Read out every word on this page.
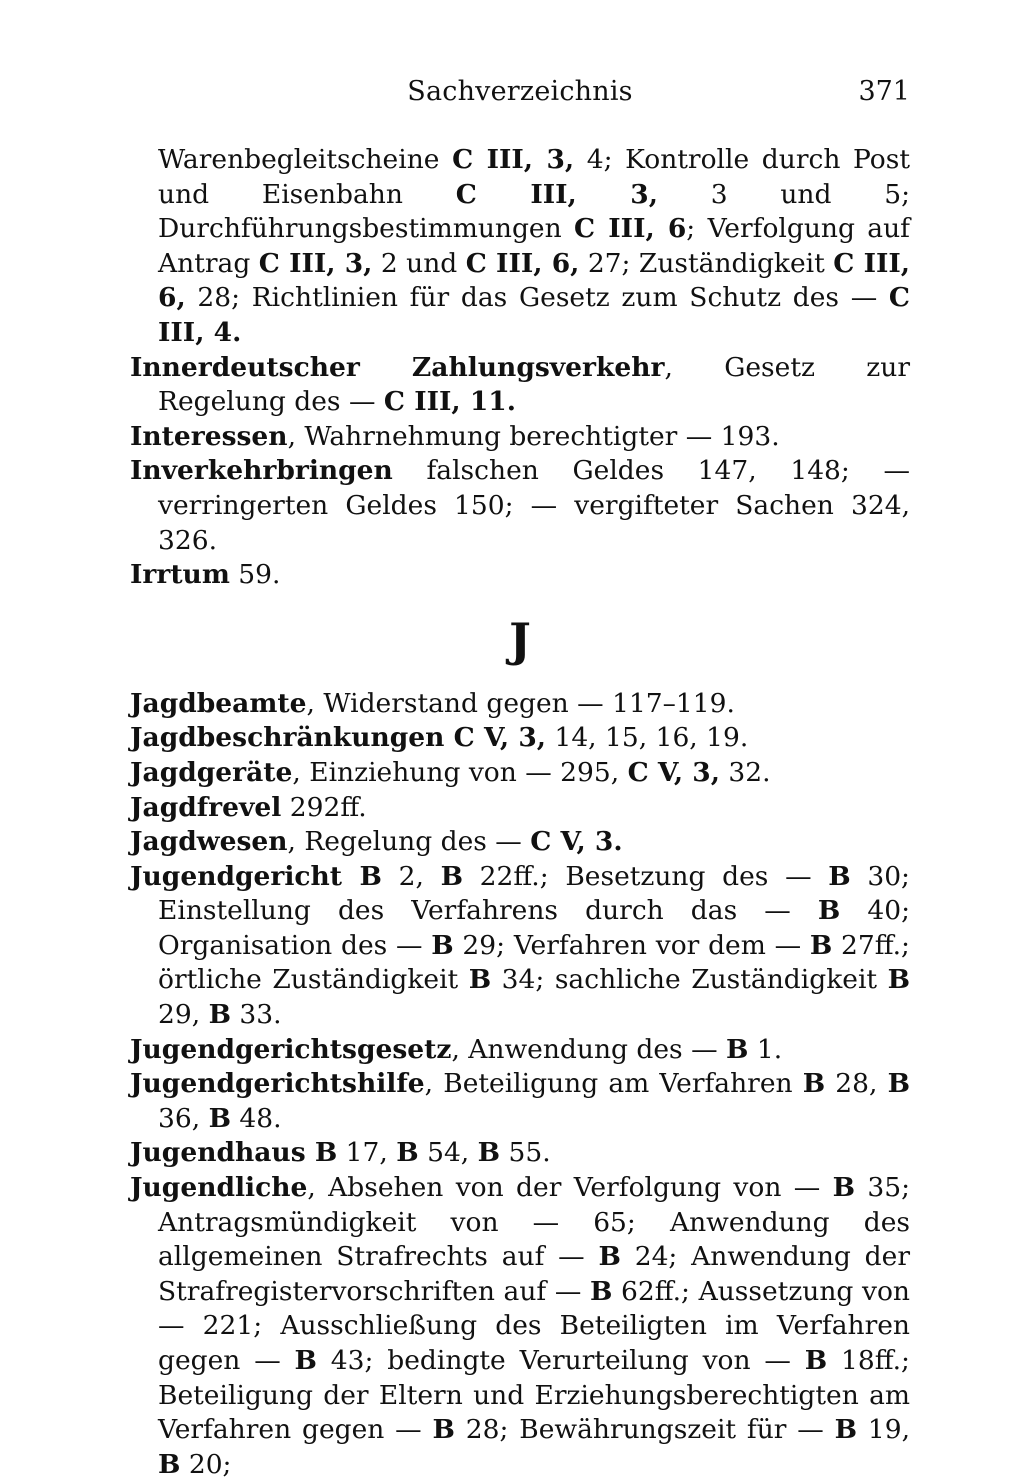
Sachverzeichnis	371

Warenbegleitscheine C III, 3, 4; Kontrolle durch Post und Eisenbahn C III, 3, 3 und 5; Durchführungsbestimmungen C III, 6; Verfolgung auf Antrag C III, 3, 2 und C III, 6, 27; Zuständigkeit C III, 6, 28; Richtlinien für das Gesetz zum Schutz des — C III, 4.

Innerdeutscher Zahlungsverkehr, Gesetz zur Regelung des — C III, 11.

Interessen, Wahrnehmung berechtigter — 193.

Inverkehrbringen falschen Geldes 147, 148; — verringerten Geldes 150; — vergifteter Sachen 324, 326.

Irrtum 59.

J

Jagdbeamte, Widerstand gegen — 117–119.

Jagdbeschränkungen C V, 3, 14, 15, 16, 19.

Jagdgeräte, Einziehung von — 295, C V, 3, 32.

Jagdfrevel 292ff.

Jagdwesen, Regelung des — C V, 3.

Jugendgericht B 2, B 22ff.; Besetzung des — B 30; Einstellung des Verfahrens durch das — B 40; Organisation des — B 29; Verfahren vor dem — B 27ff.; örtliche Zuständigkeit B 34; sachliche Zuständigkeit B 29, B 33.

Jugendgerichtsgesetz, Anwendung des — B 1.

Jugendgerichtshilfe, Beteiligung am Verfahren B 28, B 36, B 48.

Jugendhaus B 17, B 54, B 55.

Jugendliche, Absehen von der Verfolgung von — B 35; Antragsmündigkeit von — 65; Anwendung des allgemeinen Strafrechts auf — B 24; Anwendung der Strafregistervorschriften auf — B 62ff.; Aussetzung von — 221; Ausschließung des Beteiligten im Verfahren gegen — B 43; bedingte Verurteilung von — B 18ff.; Beteiligung der Eltern und Erziehungsberechtigten am Verfahren gegen — B 28; Bewährungszeit für — B 19, B 20;
